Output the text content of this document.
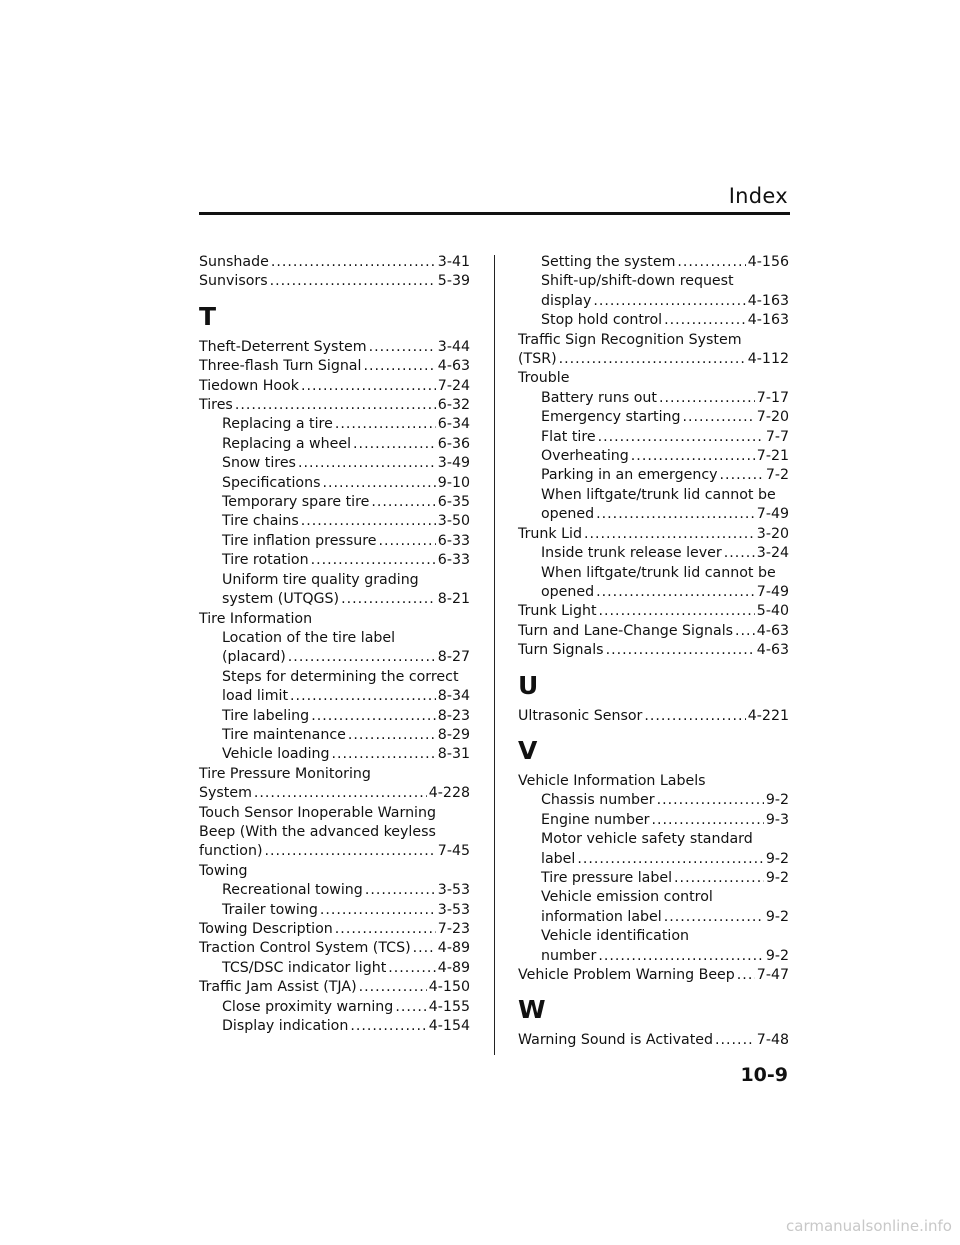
Index
Sunshade .....	3-41
Sunvisors .....	5-39
T
Theft-Deterrent System .....	3-44
Three-flash Turn Signal .....	4-63
Tiedown Hook .....	7-24
Tires .....	6-32
Replacing a tire .....	6-34
Replacing a wheel .....	6-36
Snow tires .....	3-49
Specifications .....	9-10
Temporary spare tire .....	6-35
Tire chains .....	3-50
Tire inflation pressure .....	6-33
Tire rotation .....	6-33
Uniform tire quality grading
system (UTQGS) .....	8-21
Tire Information
Location of the tire label
(placard) .....	8-27
Steps for determining the correct
load limit .....	8-34
Tire labeling .....	8-23
Tire maintenance .....	8-29
Vehicle loading .....	8-31
Tire Pressure Monitoring
System .....	4-228
Touch Sensor Inoperable Warning
Beep (With the advanced keyless
function) .....	7-45
Towing
Recreational towing .....	3-53
Trailer towing .....	3-53
Towing Description .....	7-23
Traction Control System (TCS) ..... 4-89
TCS/DSC indicator light .....	4-89
Traffic Jam Assist (TJA) .....	4-150
Close proximity warning ..... 4-155
Display indication .....	4-154
Setting the system .....	4-156
Shift-up/shift-down request
display .....	4-163
Stop hold control .....	4-163
Traffic Sign Recognition System
(TSR) .....	4-112
Trouble
Battery runs out .....	7-17
Emergency starting .....	7-20
Flat tire .....	7-7
Overheating .....	7-21
Parking in an emergency .....	7-2
When liftgate/trunk lid cannot be
opened .....	7-49
Trunk Lid .....	3-20
Inside trunk release lever ..... 3-24
When liftgate/trunk lid cannot be
opened .....	7-49
Trunk Light .....	5-40
Turn and Lane-Change Signals ..... 4-63
Turn Signals .....	4-63
U
Ultrasonic Sensor .....	4-221
V
Vehicle Information Labels
Chassis number .....	9-2
Engine number .....	9-3
Motor vehicle safety standard
label .....	9-2
Tire pressure label .....	9-2
Vehicle emission control
information label .....	9-2
Vehicle identification
number .....	9-2
Vehicle Problem Warning Beep ..... 7-47
W
Warning Sound is Activated .....	7-48
10-9
carmanualsonline.info
